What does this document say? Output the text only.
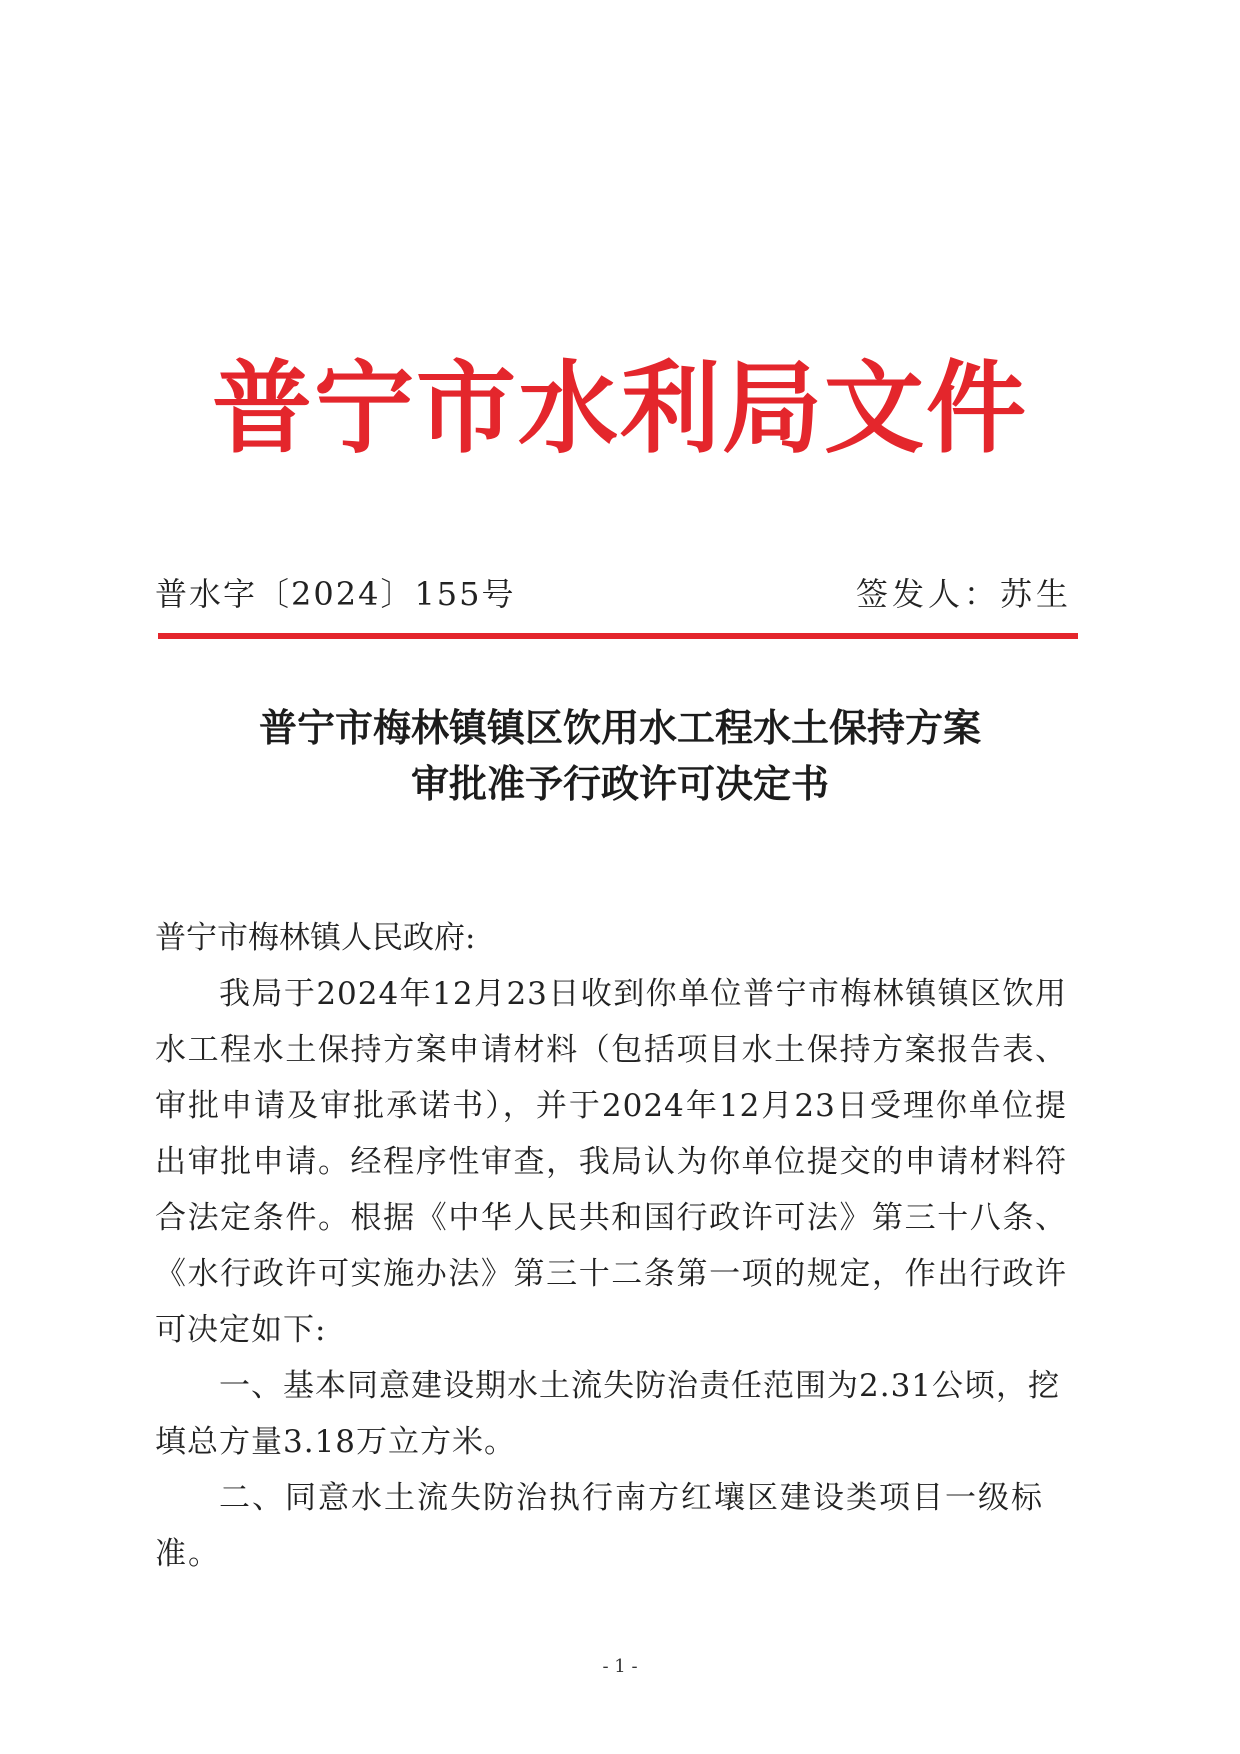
普宁市水利局文件
普水字〔2024〕155号	签发人：苏生
普宁市梅林镇镇区饮用水工程水土保持方案
审批准予行政许可决定书
普宁市梅林镇人民政府:
我局于2024年12月23日收到你单位普宁市梅林镇镇区饮用水工程水土保持方案申请材料（包括项目水土保持方案报告表、审批申请及审批承诺书），并于2024年12月23日受理你单位提出审批申请。经程序性审查，我局认为你单位提交的申请材料符合法定条件。根据《中华人民共和国行政许可法》第三十八条、《水行政许可实施办法》第三十二条第一项的规定，作出行政许可决定如下:
一、基本同意建设期水土流失防治责任范围为2.31公顷，挖填总方量3.18万立方米。
二、同意水土流失防治执行南方红壤区建设类项目一级标准。
- 1 -
